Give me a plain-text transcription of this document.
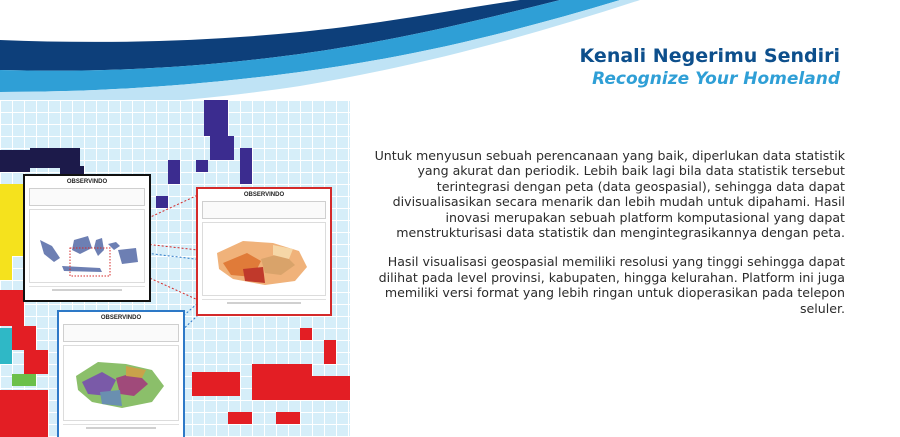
Kenali Negerimu Sendiri
Recognize Your Homeland
OBSERVINDO
OBSERVINDO
OBSERVINDO

Untuk menyusun sebuah perencanaan yang baik, diperlukan data statistik yang akurat dan periodik. Lebih baik lagi bila data statistik tersebut terintegrasi dengan peta (data geospasial), sehingga data dapat divisualisasikan secara menarik dan lebih mudah untuk dipahami. Hasil inovasi merupakan sebuah platform komputasional yang dapat menstrukturisasi data statistik dan mengintegrasikannya dengan peta.

Hasil visualisasi geospasial memiliki resolusi yang tinggi sehingga dapat dilihat pada level provinsi, kabupaten, hingga kelurahan. Platform ini juga memiliki versi format yang lebih ringan untuk dioperasikan pada telepon seluler.
